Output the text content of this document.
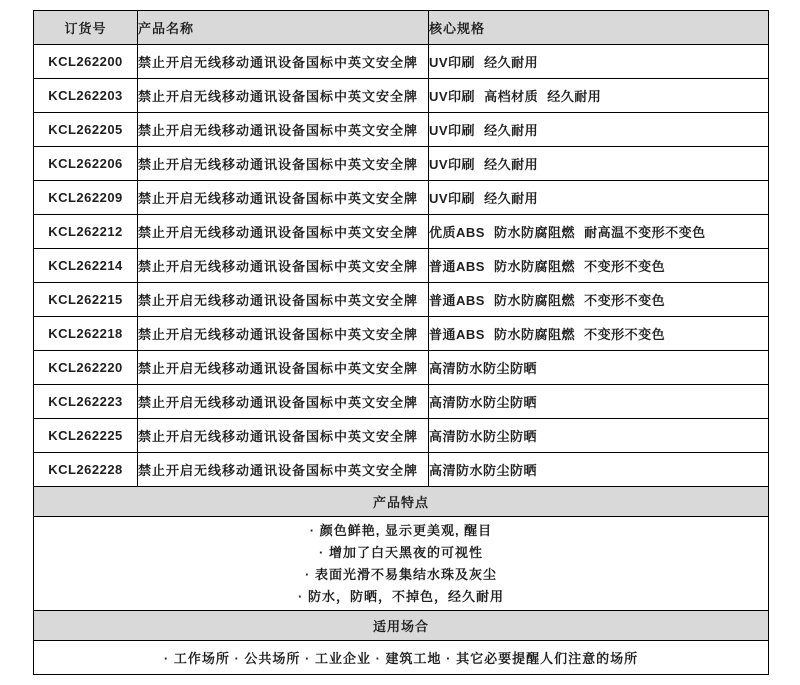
订货号	产品名称	核心规格
KCL262200	禁止开启无线移动通讯设备国标中英文安全牌	UV印刷 经久耐用
KCL262203	禁止开启无线移动通讯设备国标中英文安全牌	UV印刷 高档材质 经久耐用
KCL262205	禁止开启无线移动通讯设备国标中英文安全牌	UV印刷 经久耐用
KCL262206	禁止开启无线移动通讯设备国标中英文安全牌	UV印刷 经久耐用
KCL262209	禁止开启无线移动通讯设备国标中英文安全牌	UV印刷 经久耐用
KCL262212	禁止开启无线移动通讯设备国标中英文安全牌	优质ABS 防水防腐阻燃 耐高温不变形不变色
KCL262214	禁止开启无线移动通讯设备国标中英文安全牌	普通ABS 防水防腐阻燃 不变形不变色
KCL262215	禁止开启无线移动通讯设备国标中英文安全牌	普通ABS 防水防腐阻燃 不变形不变色
KCL262218	禁止开启无线移动通讯设备国标中英文安全牌	普通ABS 防水防腐阻燃 不变形不变色
KCL262220	禁止开启无线移动通讯设备国标中英文安全牌	高清防水防尘防晒
KCL262223	禁止开启无线移动通讯设备国标中英文安全牌	高清防水防尘防晒
KCL262225	禁止开启无线移动通讯设备国标中英文安全牌	高清防水防尘防晒
KCL262228	禁止开启无线移动通讯设备国标中英文安全牌	高清防水防尘防晒
产品特点		

· 颜色鲜艳, 显示更美观, 醒目
· 增加了白天黑夜的可视性
· 表面光滑不易集结水珠及灰尘
· 防水，防晒，不掉色，经久耐用		

适用场合		
· 工作场所 · 公共场所 · 工业企业 · 建筑工地 · 其它必要提醒人们注意的场所		
